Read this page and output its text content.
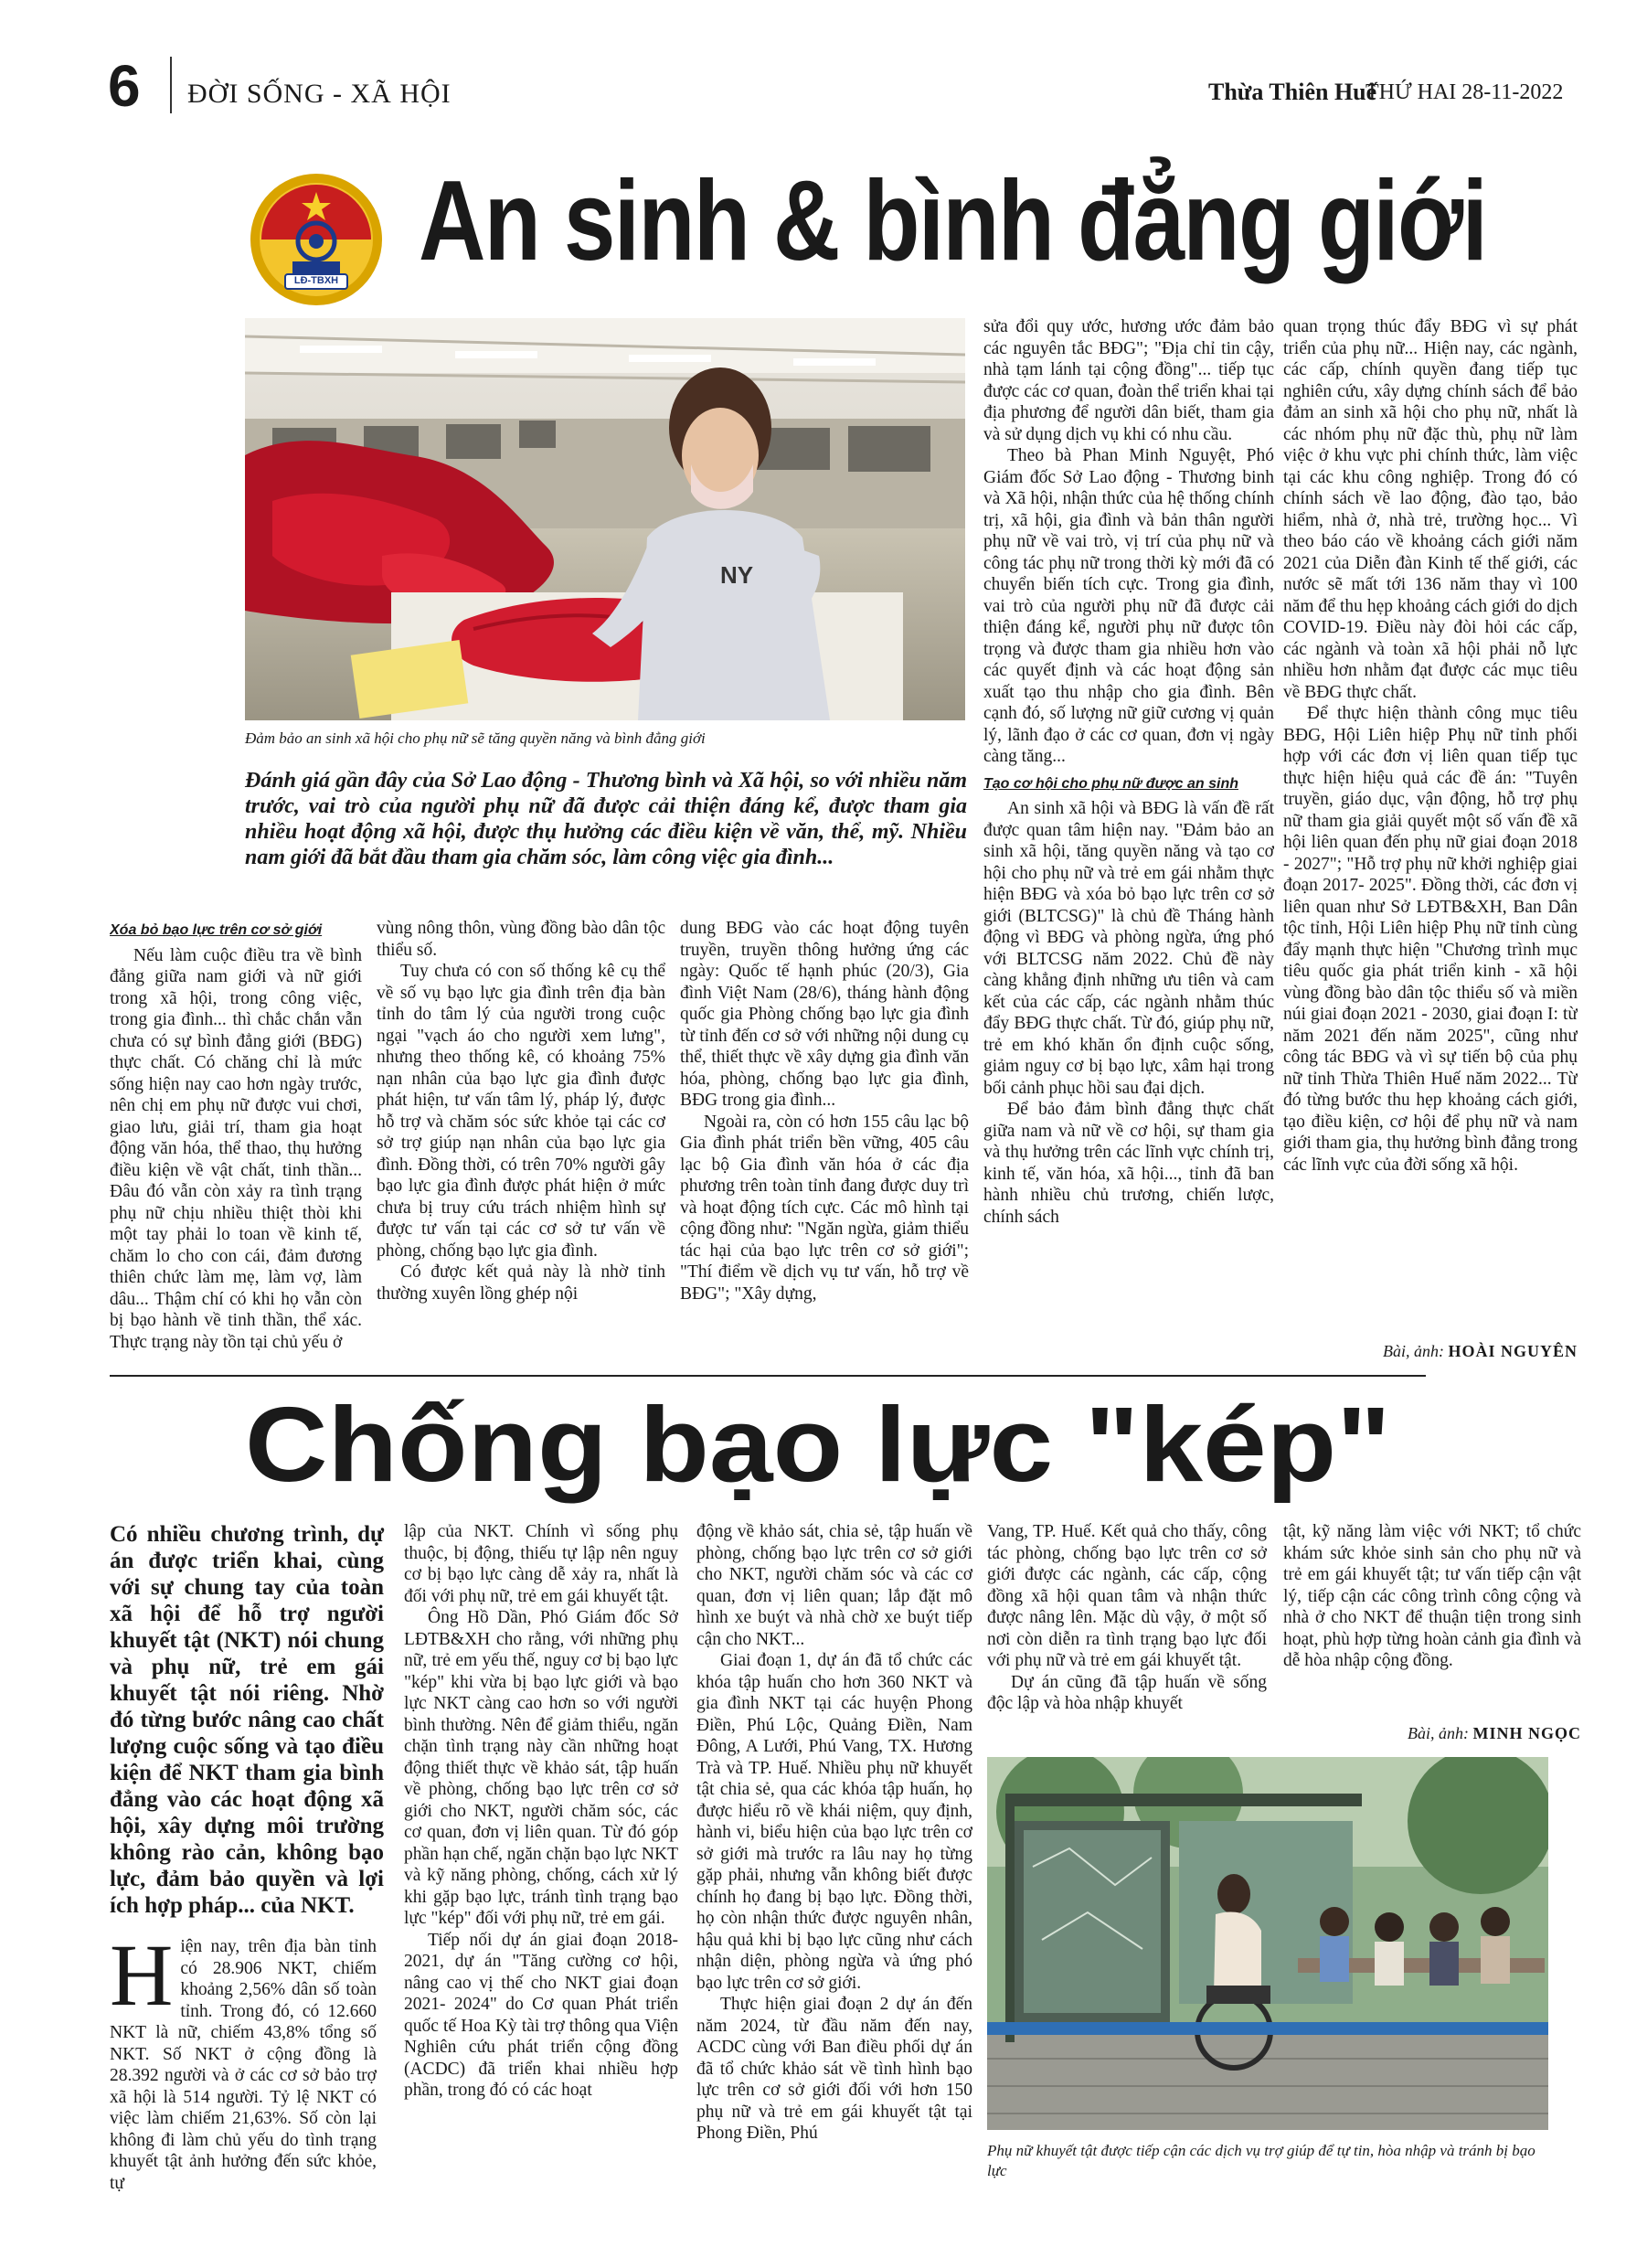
6 ĐỜI SỐNG - XÃ HỘI	Thừa Thiên Huế
THỨ HAI 28-11-2022
LĐ-TBXH An sinh & bình đẳng giới
NY
Đảm bảo an sinh xã hội cho phụ nữ sẽ tăng quyền năng và bình đẳng giới
Đánh giá gần đây của Sở Lao động - Thương bình và Xã hội, so với nhiều năm trước, vai trò của người phụ nữ đã được cải thiện đáng kể, được tham gia nhiều hoạt động xã hội, được thụ hưởng các điều kiện về văn, thể, mỹ. Nhiều nam giới đã bắt đầu tham gia chăm sóc, làm công việc gia đình...
Xóa bỏ bạo lực trên cơ sở giới

Nếu làm cuộc điều tra về bình đẳng giữa nam giới và nữ giới trong xã hội, trong công việc, trong gia đình... thì chắc chắn vẫn chưa có sự bình đẳng giới (BĐG) thực chất. Có chăng chỉ là mức sống hiện nay cao hơn ngày trước, nên chị em phụ nữ được vui chơi, giao lưu, giải trí, tham gia hoạt động văn hóa, thể thao, thụ hưởng điều kiện về vật chất, tinh thần... Đâu đó vẫn còn xảy ra tình trạng phụ nữ chịu nhiều thiệt thòi khi một tay phải lo toan về kinh tế, chăm lo cho con cái, đảm đương thiên chức làm mẹ, làm vợ, làm dâu... Thậm chí có khi họ vẫn còn bị bạo hành về tinh thần, thể xác. Thực trạng này tồn tại chủ yếu ở

vùng nông thôn, vùng đồng bào dân tộc thiểu số.

Tuy chưa có con số thống kê cụ thể về số vụ bạo lực gia đình trên địa bàn tỉnh do tâm lý của người trong cuộc ngại "vạch áo cho người xem lưng", nhưng theo thống kê, có khoảng 75% nạn nhân của bạo lực gia đình được phát hiện, tư vấn tâm lý, pháp lý, được hỗ trợ và chăm sóc sức khỏe tại các cơ sở trợ giúp nạn nhân của bạo lực gia đình. Đồng thời, có trên 70% người gây bạo lực gia đình được phát hiện ở mức chưa bị truy cứu trách nhiệm hình sự được tư vấn tại các cơ sở tư vấn về phòng, chống bạo lực gia đình.

Có được kết quả này là nhờ tỉnh thường xuyên lồng ghép nội

dung BĐG vào các hoạt động tuyên truyền, truyền thông hưởng ứng các ngày: Quốc tế hạnh phúc (20/3), Gia đình Việt Nam (28/6), tháng hành động quốc gia Phòng chống bạo lực gia đình từ tỉnh đến cơ sở với những nội dung cụ thể, thiết thực về xây dựng gia đình văn hóa, phòng, chống bạo lực gia đình, BĐG trong gia đình...

Ngoài ra, còn có hơn 155 câu lạc bộ Gia đình phát triển bền vững, 405 câu lạc bộ Gia đình văn hóa ở các địa phương trên toàn tỉnh đang được duy trì và hoạt động tích cực. Các mô hình tại cộng đồng như: "Ngăn ngừa, giảm thiểu tác hại của bạo lực trên cơ sở giới"; "Thí điểm về dịch vụ tư vấn, hỗ trợ về BĐG"; "Xây dựng,

sửa đổi quy ước, hương ước đảm bảo các nguyên tắc BĐG"; "Địa chỉ tin cậy, nhà tạm lánh tại cộng đồng"... tiếp tục được các cơ quan, đoàn thể triển khai tại địa phương để người dân biết, tham gia và sử dụng dịch vụ khi có nhu cầu.

Theo bà Phan Minh Nguyệt, Phó Giám đốc Sở Lao động - Thương binh và Xã hội, nhận thức của hệ thống chính trị, xã hội, gia đình và bản thân người phụ nữ về vai trò, vị trí của phụ nữ và công tác phụ nữ trong thời kỳ mới đã có chuyển biến tích cực. Trong gia đình, vai trò của người phụ nữ đã được cải thiện đáng kể, người phụ nữ được tôn trọng và được tham gia nhiều hơn vào các quyết định và các hoạt động sản xuất tạo thu nhập cho gia đình. Bên cạnh đó, số lượng nữ giữ cương vị quản lý, lãnh đạo ở các cơ quan, đơn vị ngày càng tăng...

Tạo cơ hội cho phụ nữ được an sinh

An sinh xã hội và BĐG là vấn đề rất được quan tâm hiện nay. "Đảm bảo an sinh xã hội, tăng quyền năng và tạo cơ hội cho phụ nữ và trẻ em gái nhằm thực hiện BĐG và xóa bỏ bạo lực trên cơ sở giới (BLTCSG)" là chủ đề Tháng hành động vì BĐG và phòng ngừa, ứng phó với BLTCSG năm 2022. Chủ đề này càng khẳng định những ưu tiên và cam kết của các cấp, các ngành nhằm thúc đẩy BĐG thực chất. Từ đó, giúp phụ nữ, trẻ em khó khăn ổn định cuộc sống, giảm nguy cơ bị bạo lực, xâm hại trong bối cảnh phục hồi sau đại dịch.

Để bảo đảm bình đẳng thực chất giữa nam và nữ về cơ hội, sự tham gia và thụ hưởng trên các lĩnh vực chính trị, kinh tế, văn hóa, xã hội..., tỉnh đã ban hành nhiều chủ trương, chiến lược, chính sách

quan trọng thúc đẩy BĐG vì sự phát triển của phụ nữ... Hiện nay, các ngành, các cấp, chính quyền đang tiếp tục nghiên cứu, xây dựng chính sách để bảo đảm an sinh xã hội cho phụ nữ, nhất là các nhóm phụ nữ đặc thù, phụ nữ làm việc ở khu vực phi chính thức, làm việc tại các khu công nghiệp. Trong đó có chính sách về lao động, đào tạo, bảo hiểm, nhà ở, nhà trẻ, trường học... Vì theo báo cáo về khoảng cách giới năm 2021 của Diễn đàn Kinh tế thế giới, các nước sẽ mất tới 136 năm thay vì 100 năm để thu hẹp khoảng cách giới do dịch COVID-19. Điều này đòi hỏi các cấp, các ngành và toàn xã hội phải nỗ lực nhiều hơn nhằm đạt được các mục tiêu về BĐG thực chất.

Để thực hiện thành công mục tiêu BĐG, Hội Liên hiệp Phụ nữ tỉnh phối hợp với các đơn vị liên quan tiếp tục thực hiện hiệu quả các đề án: "Tuyên truyền, giáo dục, vận động, hỗ trợ phụ nữ tham gia giải quyết một số vấn đề xã hội liên quan đến phụ nữ giai đoạn 2018 - 2027"; "Hỗ trợ phụ nữ khởi nghiệp giai đoạn 2017- 2025". Đồng thời, các đơn vị liên quan như Sở LĐTB&XH, Ban Dân tộc tỉnh, Hội Liên hiệp Phụ nữ tỉnh cùng đẩy mạnh thực hiện "Chương trình mục tiêu quốc gia phát triển kinh - xã hội vùng đồng bào dân tộc thiểu số và miền núi giai đoạn 2021 - 2030, giai đoạn I: từ năm 2021 đến năm 2025", cũng như công tác BĐG và vì sự tiến bộ của phụ nữ tỉnh Thừa Thiên Huế năm 2022... Từ đó từng bước thu hẹp khoảng cách giới, tạo điều kiện, cơ hội để phụ nữ và nam giới tham gia, thụ hưởng bình đẳng trong các lĩnh vực của đời sống xã hội.

Bài, ảnh: HOÀI NGUYÊN
Chống bạo lực "kép"
Có nhiều chương trình, dự án được triển khai, cùng với sự chung tay của toàn xã hội để hỗ trợ người khuyết tật (NKT) nói chung và phụ nữ, trẻ em gái khuyết tật nói riêng. Nhờ đó từng bước nâng cao chất lượng cuộc sống và tạo điều kiện để NKT tham gia bình đẳng vào các hoạt động xã hội, xây dựng môi trường không rào cản, không bạo lực, đảm bảo quyền và lợi ích hợp pháp... của NKT.
H iện nay, trên địa bàn tỉnh có 28.906 NKT, chiếm khoảng 2,56% dân số toàn tỉnh. Trong đó, có 12.660 NKT là nữ, chiếm 43,8% tổng số NKT. Số NKT ở cộng đồng là 28.392 người và ở các cơ sở bảo trợ xã hội là 514 người. Tỷ lệ NKT có việc làm chiếm 21,63%. Số còn lại không đi làm chủ yếu do tình trạng khuyết tật ảnh hưởng đến sức khỏe, tự

lập của NKT. Chính vì sống phụ thuộc, bị động, thiếu tự lập nên nguy cơ bị bạo lực càng dễ xảy ra, nhất là đối với phụ nữ, trẻ em gái khuyết tật.

Ông Hồ Dần, Phó Giám đốc Sở LĐTB&XH cho rằng, với những phụ nữ, trẻ em yếu thế, nguy cơ bị bạo lực "kép" khi vừa bị bạo lực giới và bạo lực NKT càng cao hơn so với người bình thường. Nên để giảm thiểu, ngăn chặn tình trạng này cần những hoạt động thiết thực về khảo sát, tập huấn về phòng, chống bạo lực trên cơ sở giới cho NKT, người chăm sóc, các cơ quan, đơn vị liên quan. Từ đó góp phần hạn chế, ngăn chặn bạo lực NKT và kỹ năng phòng, chống, cách xử lý khi gặp bạo lực, tránh tình trạng bạo lực "kép" đối với phụ nữ, trẻ em gái.

Tiếp nối dự án giai đoạn 2018-2021, dự án "Tăng cường cơ hội, nâng cao vị thế cho NKT giai đoạn 2021- 2024" do Cơ quan Phát triển quốc tế Hoa Kỳ tài trợ thông qua Viện Nghiên cứu phát triển cộng đồng (ACDC) đã triển khai nhiều hợp phần, trong đó có các hoạt

động về khảo sát, chia sẻ, tập huấn về phòng, chống bạo lực trên cơ sở giới cho NKT, người chăm sóc và các cơ quan, đơn vị liên quan; lắp đặt mô hình xe buýt và nhà chờ xe buýt tiếp cận cho NKT...

Giai đoạn 1, dự án đã tổ chức các khóa tập huấn cho hơn 360 NKT và gia đình NKT tại các huyện Phong Điền, Phú Lộc, Quảng Điền, Nam Đông, A Lưới, Phú Vang, TX. Hương Trà và TP. Huế. Nhiều phụ nữ khuyết tật chia sẻ, qua các khóa tập huấn, họ được hiểu rõ về khái niệm, quy định, hành vi, biểu hiện của bạo lực trên cơ sở giới mà trước ra lâu nay họ từng gặp phải, nhưng vẫn không biết được chính họ đang bị bạo lực. Đồng thời, họ còn nhận thức được nguyên nhân, hậu quả khi bị bạo lực cũng như cách nhận diện, phòng ngừa và ứng phó bạo lực trên cơ sở giới.

Thực hiện giai đoạn 2 dự án đến năm 2024, từ đầu năm đến nay, ACDC cùng với Ban điều phối dự án đã tổ chức khảo sát về tình hình bạo lực trên cơ sở giới đối với hơn 150 phụ nữ và trẻ em gái khuyết tật tại Phong Điền, Phú

Vang, TP. Huế. Kết quả cho thấy, công tác phòng, chống bạo lực trên cơ sở giới được các ngành, các cấp, cộng đồng xã hội quan tâm và nhận thức được nâng lên. Mặc dù vậy, ở một số nơi còn diễn ra tình trạng bạo lực đối với phụ nữ và trẻ em gái khuyết tật.

Dự án cũng đã tập huấn về sống độc lập và hòa nhập khuyết

tật, kỹ năng làm việc với NKT; tổ chức khám sức khỏe sinh sản cho phụ nữ và trẻ em gái khuyết tật; tư vấn tiếp cận vật lý, tiếp cận các công trình công cộng và nhà ở cho NKT để thuận tiện trong sinh hoạt, phù hợp từng hoàn cảnh gia đình và dễ hòa nhập cộng đồng.

Bài, ảnh: MINH NGỌC
Phụ nữ khuyết tật được tiếp cận các dịch vụ trợ giúp để tự tin, hòa nhập và tránh bị bạo lực
